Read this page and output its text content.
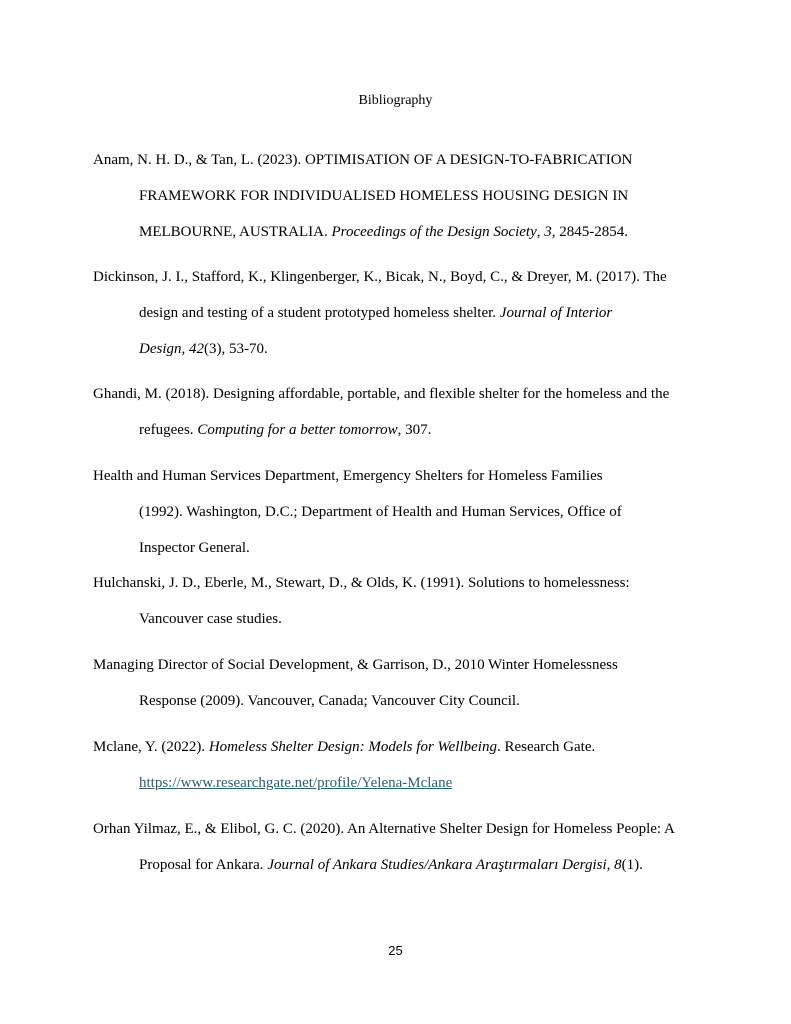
Bibliography
Anam, N. H. D., & Tan, L. (2023). OPTIMISATION OF A DESIGN-TO-FABRICATION
FRAMEWORK FOR INDIVIDUALISED HOMELESS HOUSING DESIGN IN
MELBOURNE, AUSTRALIA. Proceedings of the Design Society, 3, 2845-2854.
Dickinson, J. I., Stafford, K., Klingenberger, K., Bicak, N., Boyd, C., & Dreyer, M. (2017). The
design and testing of a student prototyped homeless shelter. Journal of Interior
Design, 42(3), 53-70.
Ghandi, M. (2018). Designing affordable, portable, and flexible shelter for the homeless and the
refugees. Computing for a better tomorrow, 307.
Health and Human Services Department, Emergency Shelters for Homeless Families
(1992). Washington, D.C.; Department of Health and Human Services, Office of
Inspector General.
Hulchanski, J. D., Eberle, M., Stewart, D., & Olds, K. (1991). Solutions to homelessness:
Vancouver case studies.
Managing Director of Social Development, & Garrison, D., 2010 Winter Homelessness
Response (2009). Vancouver, Canada; Vancouver City Council.
Mclane, Y. (2022). Homeless Shelter Design: Models for Wellbeing. Research Gate.
https://www.researchgate.net/profile/Yelena-Mclane
Orhan Yilmaz, E., & Elibol, G. C. (2020). An Alternative Shelter Design for Homeless People: A
Proposal for Ankara. Journal of Ankara Studies/Ankara Araştırmaları Dergisi, 8(1).
25
